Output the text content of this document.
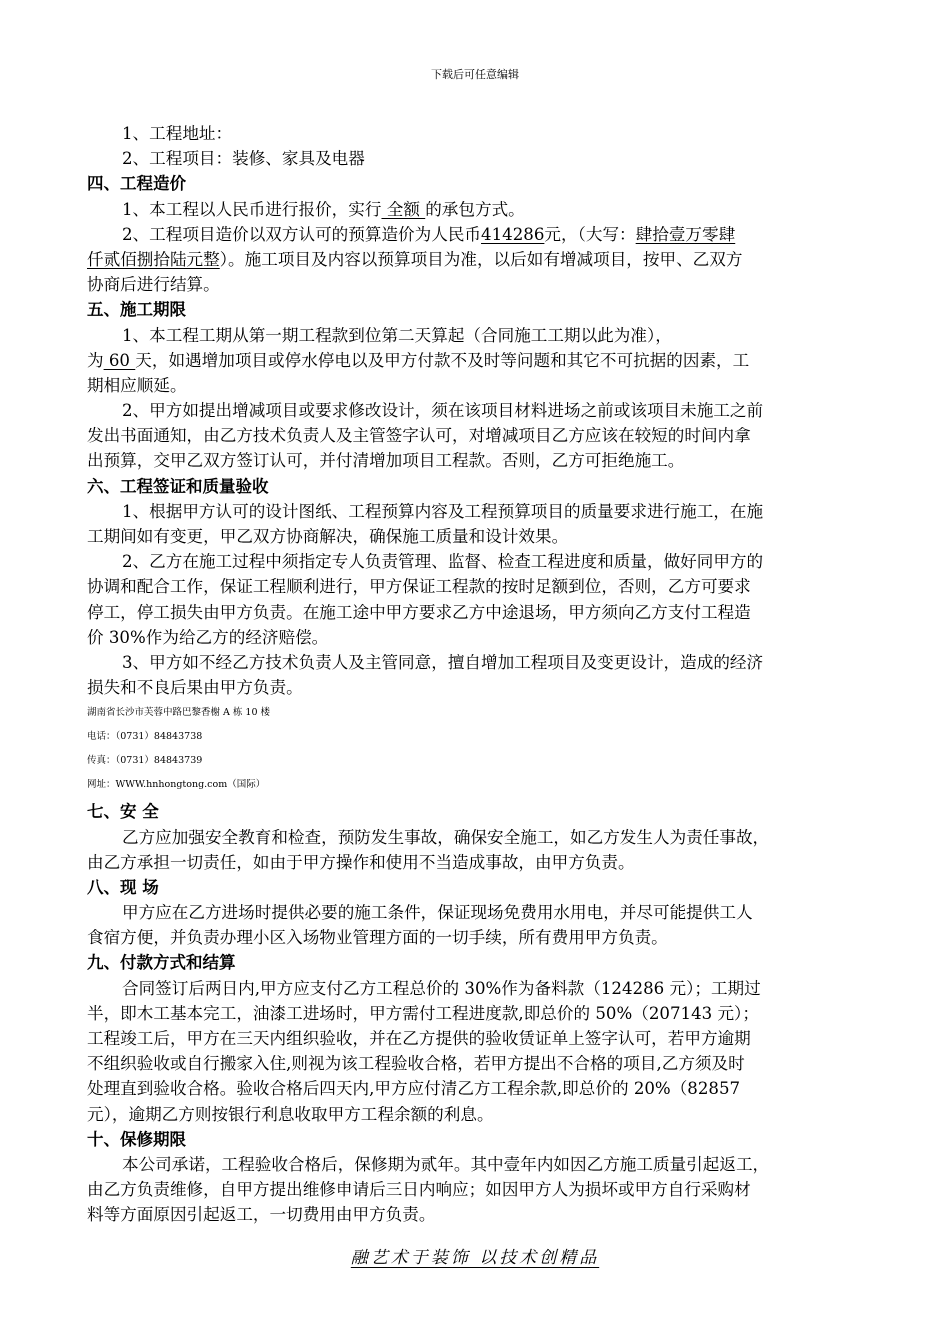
下载后可任意编辑
1、工程地址：
2、工程项目：装修、家具及电器
四、工程造价
1、本工程以人民币进行报价，实行 全额 的承包方式。
2、工程项目造价以双方认可的预算造价为人民币414286元，（大写：肆拾壹万零肆
仟贰佰捌拾陆元整）。施工项目及内容以预算项目为准，以后如有增减项目，按甲、乙双方
协商后进行结算。
五、施工期限
1、本工程工期从第一期工程款到位第二天算起（合同施工工期以此为准），
为 60 天，如遇增加项目或停水停电以及甲方付款不及时等问题和其它不可抗据的因素，工
期相应顺延。
2、甲方如提出增减项目或要求修改设计，须在该项目材料进场之前或该项目未施工之前
发出书面通知，由乙方技术负责人及主管签字认可，对增减项目乙方应该在较短的时间内拿
出预算，交甲乙双方签订认可，并付清增加项目工程款。否则，乙方可拒绝施工。
六、工程签证和质量验收
1、根据甲方认可的设计图纸、工程预算内容及工程预算项目的质量要求进行施工，在施
工期间如有变更，甲乙双方协商解决，确保施工质量和设计效果。
2、乙方在施工过程中须指定专人负责管理、监督、检查工程进度和质量，做好同甲方的
协调和配合工作，保证工程顺利进行，甲方保证工程款的按时足额到位，否则，乙方可要求
停工，停工损失由甲方负责。在施工途中甲方要求乙方中途退场，甲方须向乙方支付工程造
价 30%作为给乙方的经济赔偿。
3、甲方如不经乙方技术负责人及主管同意，擅自增加工程项目及变更设计，造成的经济
损失和不良后果由甲方负责。
湖南省长沙市芙蓉中路巴黎香榭 A 栋 10 楼
电话：（0731）84843738
传真：（0731）84843739
网址：WWW.hnhongtong.com（国际）
七、安 全
乙方应加强安全教育和检查，预防发生事故，确保安全施工，如乙方发生人为责任事故，
由乙方承担一切责任，如由于甲方操作和使用不当造成事故，由甲方负责。
八、现 场
甲方应在乙方进场时提供必要的施工条件，保证现场免费用水用电，并尽可能提供工人
食宿方便，并负责办理小区入场物业管理方面的一切手续，所有费用甲方负责。
九、付款方式和结算
合同签订后两日内,甲方应支付乙方工程总价的 30%作为备料款（124286 元）；工期过
半，即木工基本完工，油漆工进场时，甲方需付工程进度款,即总价的 50%（207143 元）；
工程竣工后，甲方在三天内组织验收，并在乙方提供的验收赁证单上签字认可，若甲方逾期
不组织验收或自行搬家入住,则视为该工程验收合格，若甲方提出不合格的项目,乙方须及时
处理直到验收合格。验收合格后四天内,甲方应付清乙方工程余款,即总价的 20%（82857
元），逾期乙方则按银行利息收取甲方工程余额的利息。
十、保修期限
本公司承诺，工程验收合格后，保修期为贰年。其中壹年内如因乙方施工质量引起返工，
由乙方负责维修，自甲方提出维修申请后三日内响应；如因甲方人为损坏或甲方自行采购材
料等方面原因引起返工，一切费用由甲方负责。
融艺术于装饰 以技术创精品
